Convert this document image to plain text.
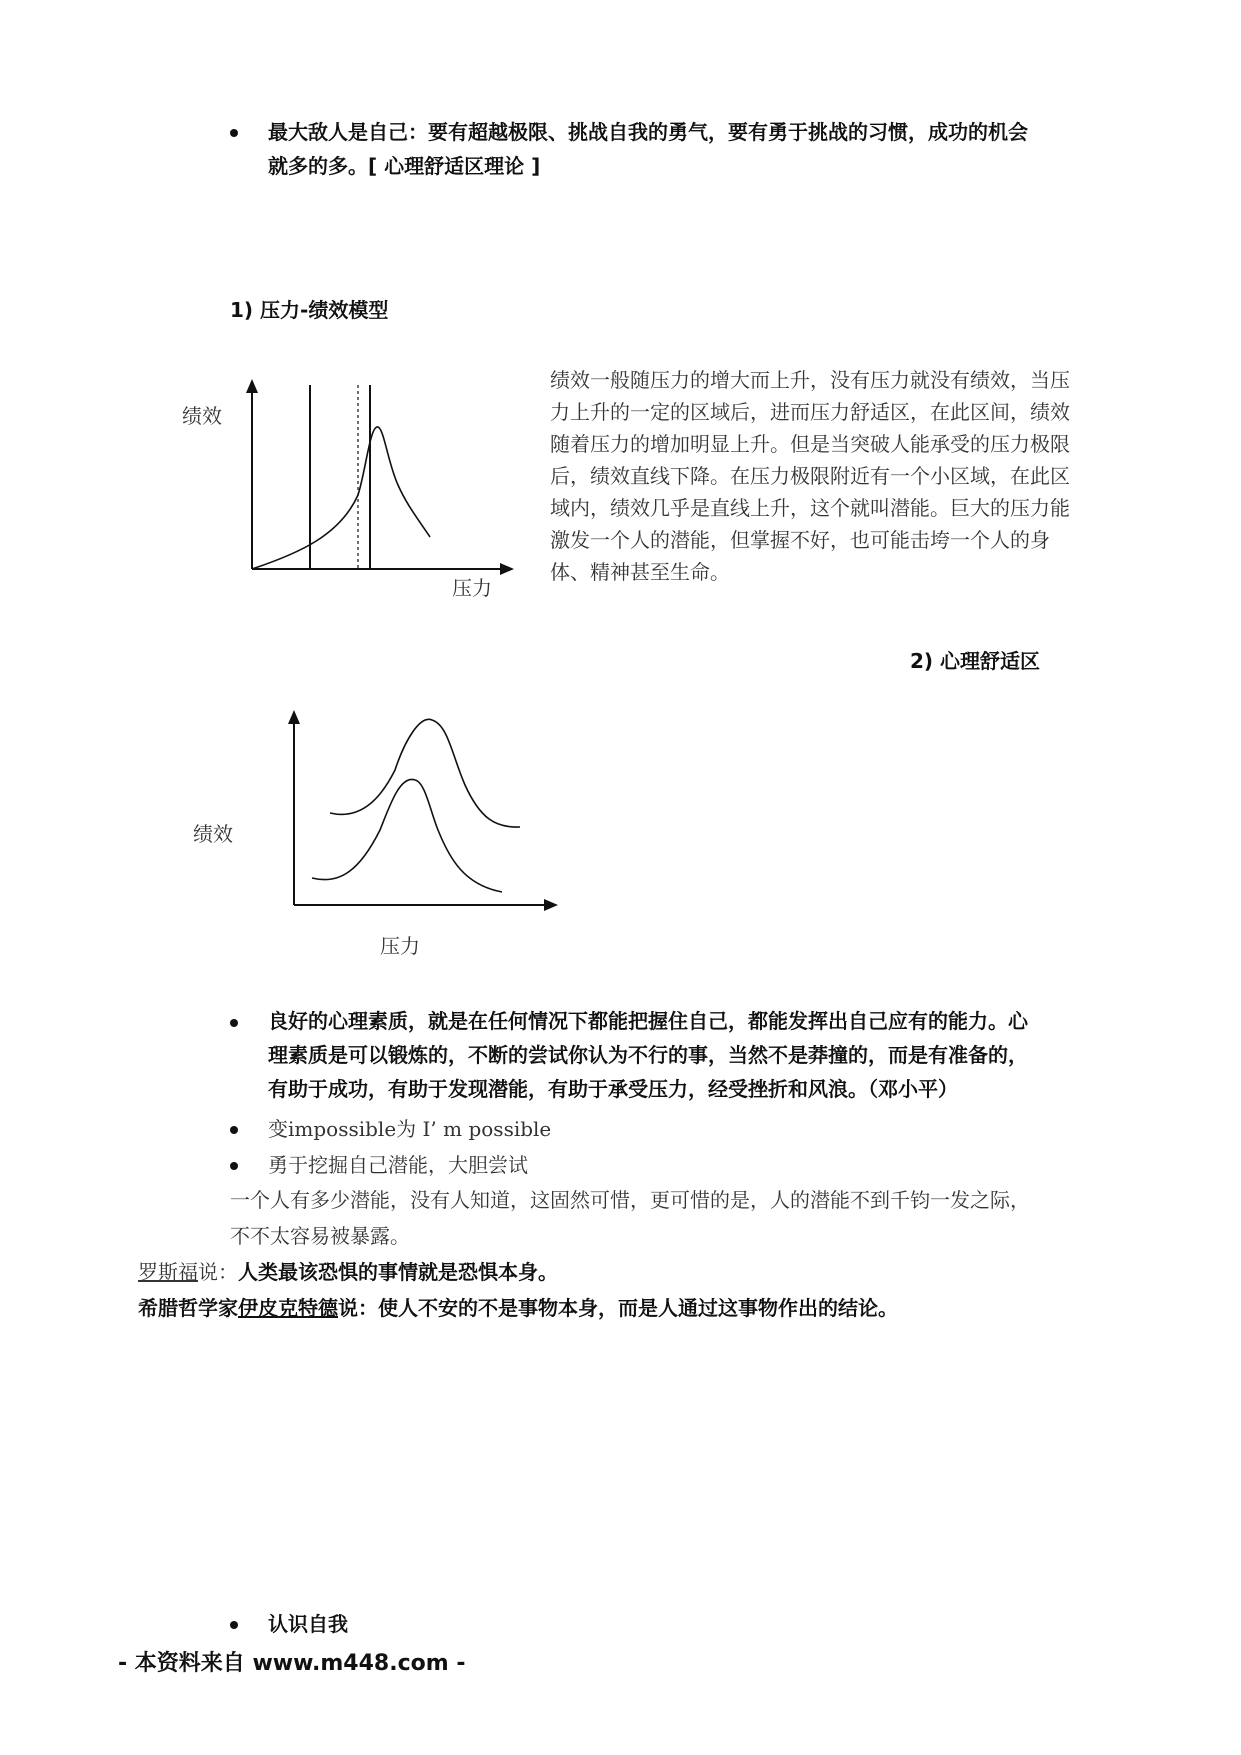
最大敌人是自己：要有超越极限、挑战自我的勇气，要有勇于挑战的习惯，成功的机会
就多的多。[ 心理舒适区理论 ]
1) 压力-绩效模型
绩效
压力
绩效一般随压力的增大而上升，没有压力就没有绩效，当压
力上升的一定的区域后，进而压力舒适区，在此区间，绩效
随着压力的增加明显上升。但是当突破人能承受的压力极限
后，绩效直线下降。在压力极限附近有一个小区域，在此区
域内，绩效几乎是直线上升，这个就叫潜能。巨大的压力能
激发一个人的潜能，但掌握不好，也可能击垮一个人的身
体、精神甚至生命。
2) 心理舒适区
绩效
压力
良好的心理素质，就是在任何情况下都能把握住自己，都能发挥出自己应有的能力。心
理素质是可以锻炼的，不断的尝试你认为不行的事，当然不是莽撞的，而是有准备的，
有助于成功，有助于发现潜能，有助于承受压力，经受挫折和风浪。（邓小平）
变impossible为 I’ m possible
勇于挖掘自己潜能，大胆尝试
一个人有多少潜能，没有人知道，这固然可惜，更可惜的是，人的潜能不到千钧一发之际，
不不太容易被暴露。
罗斯福说：人类最该恐惧的事情就是恐惧本身。
希腊哲学家伊皮克特德说：使人不安的不是事物本身，而是人通过这事物作出的结论。
认识自我
- 本资料来自 www.m448.com -
